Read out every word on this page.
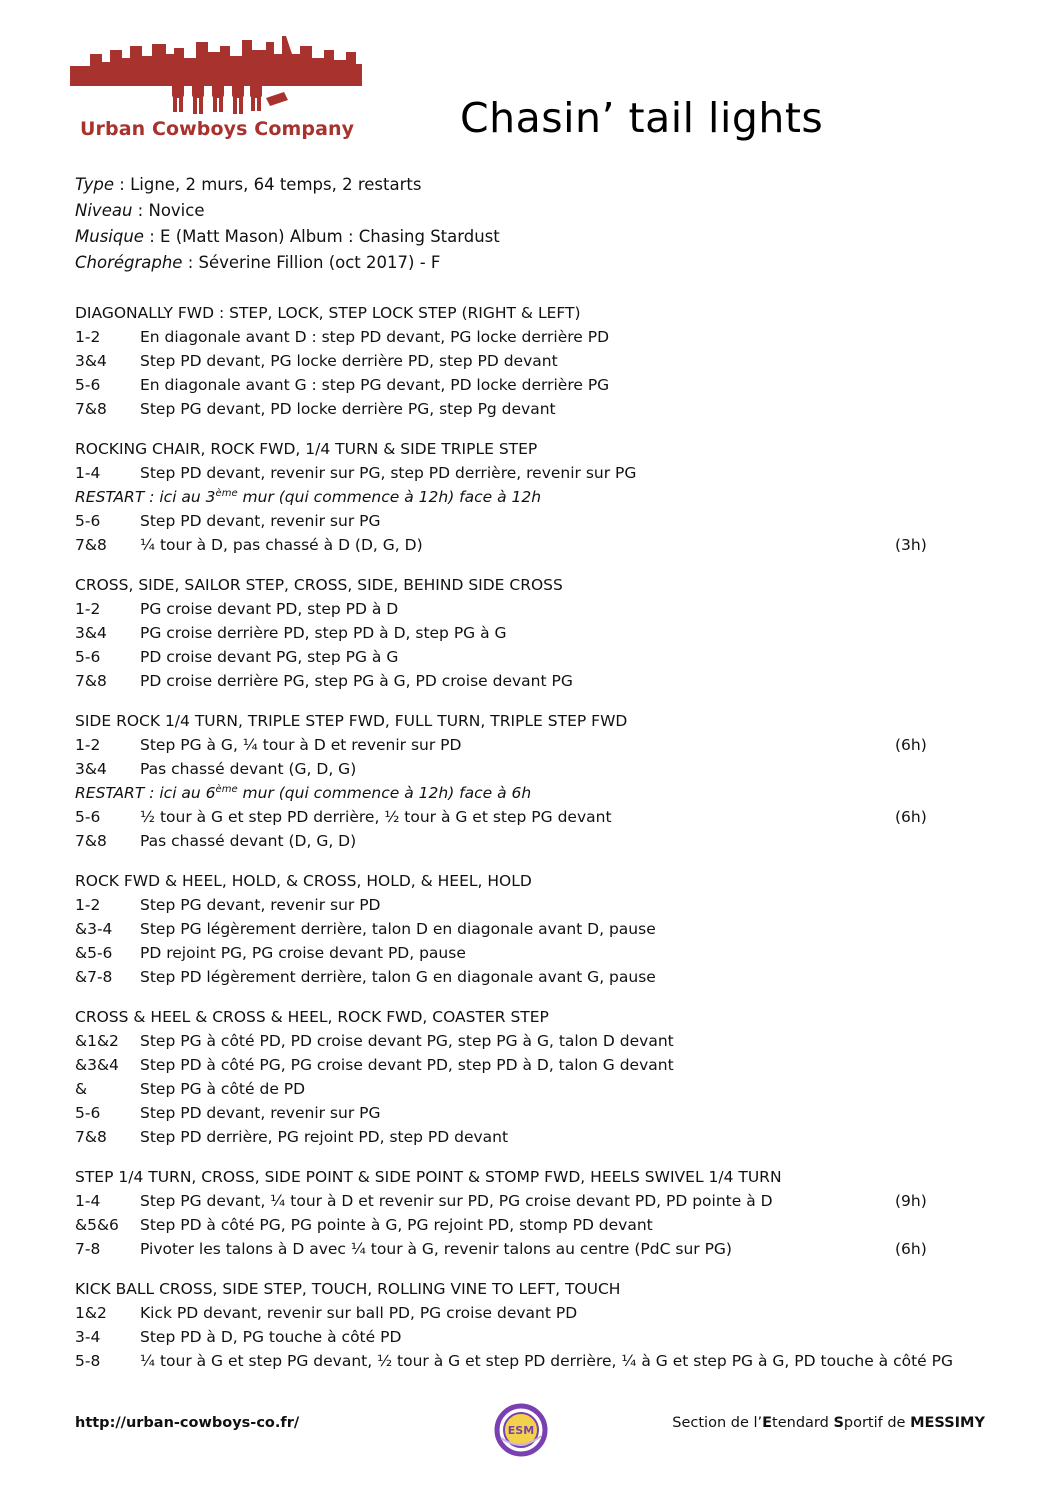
Urban Cowboys Company	Chasin’ tail lights
Type : Ligne, 2 murs, 64 temps, 2 restarts
Niveau : Novice
Musique : E (Matt Mason) Album : Chasing Stardust
Chorégraphe : Séverine Fillion (oct 2017) - F
DIAGONALLY FWD : STEP, LOCK, STEP LOCK STEP (RIGHT & LEFT)
1-2	En diagonale avant D : step PD devant, PG locke derrière PD
3&4	Step PD devant, PG locke derrière PD, step PD devant
5-6	En diagonale avant G : step PG devant, PD locke derrière PG
7&8	Step PG devant, PD locke derrière PG, step Pg devant
ROCKING CHAIR, ROCK FWD, 1/4 TURN & SIDE TRIPLE STEP
1-4	Step PD devant, revenir sur PG, step PD derrière, revenir sur PG
RESTART : ici au 3ème mur (qui commence à 12h) face à 12h
5-6	Step PD devant, revenir sur PG
7&8	¼ tour à D, pas chassé à D (D, G, D)	(3h)
CROSS, SIDE, SAILOR STEP, CROSS, SIDE, BEHIND SIDE CROSS
1-2	PG croise devant PD, step PD à D
3&4	PG croise derrière PD, step PD à D, step PG à G
5-6	PD croise devant PG, step PG à G
7&8	PD croise derrière PG, step PG à G, PD croise devant PG
SIDE ROCK 1/4 TURN, TRIPLE STEP FWD, FULL TURN, TRIPLE STEP FWD
1-2	Step PG à G, ¼ tour à D et revenir sur PD	(6h)
3&4	Pas chassé devant (G, D, G)
RESTART : ici au 6ème mur (qui commence à 12h) face à 6h
5-6	½ tour à G et step PD derrière, ½ tour à G et step PG devant	(6h)
7&8	Pas chassé devant (D, G, D)
ROCK FWD & HEEL, HOLD, & CROSS, HOLD, & HEEL, HOLD
1-2	Step PG devant, revenir sur PD
&3-4	Step PG légèrement derrière, talon D en diagonale avant D, pause
&5-6	PD rejoint PG, PG croise devant PD, pause
&7-8	Step PD légèrement derrière, talon G en diagonale avant G, pause
CROSS & HEEL & CROSS & HEEL, ROCK FWD, COASTER STEP
&1&2	Step PG à côté PD, PD croise devant PG, step PG à G, talon D devant
&3&4	Step PD à côté PG, PG croise devant PD, step PD à D, talon G devant
&	Step PG à côté de PD
5-6	Step PD devant, revenir sur PG
7&8	Step PD derrière, PG rejoint PD, step PD devant
STEP 1/4 TURN, CROSS, SIDE POINT & SIDE POINT & STOMP FWD, HEELS SWIVEL 1/4 TURN
1-4	Step PG devant, ¼ tour à D et revenir sur PD, PG croise devant PD, PD pointe à D	(9h)
&5&6	Step PD à côté PG, PG pointe à G, PG rejoint PD, stomp PD devant
7-8	Pivoter les talons à D avec ¼ tour à G, revenir talons au centre (PdC sur PG)	(6h)
KICK BALL CROSS, SIDE STEP, TOUCH, ROLLING VINE TO LEFT, TOUCH
1&2	Kick PD devant, revenir sur ball PD, PG croise devant PD
3-4	Step PD à D, PG touche à côté PD
5-8	¼ tour à G et step PG devant, ½ tour à G et step PD derrière, ¼ à G et step PG à G, PD touche à côté PG
http://urban-cowboys-co.fr/	ESM	Section de l’Etendard Sportif de MESSIMY
